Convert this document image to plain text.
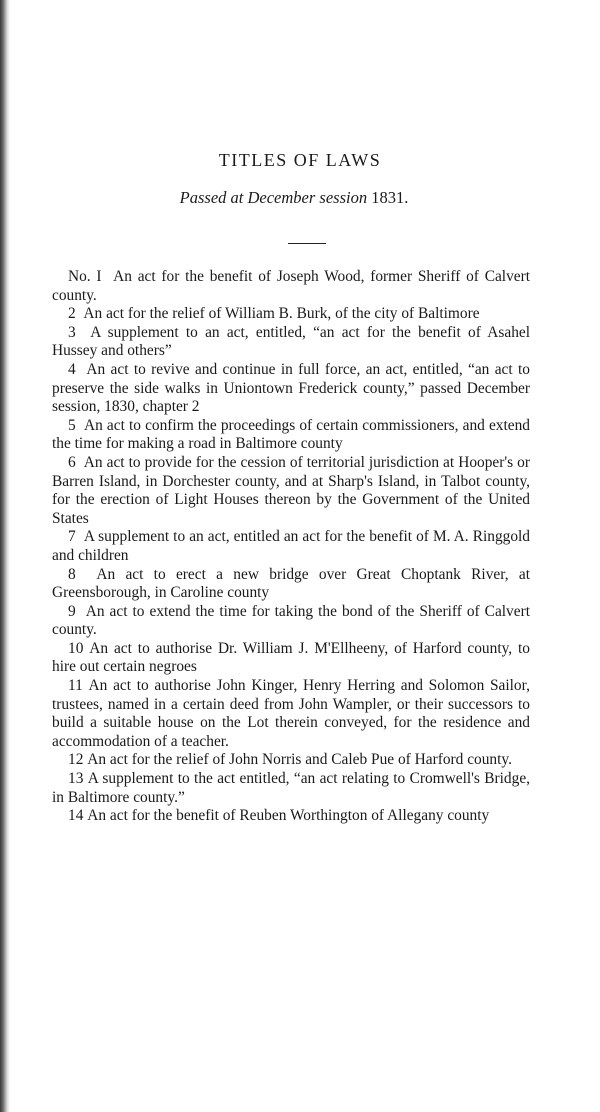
TITLES OF LAWS
Passed at December session 1831.

No. I An act for the benefit of Joseph Wood, former Sheriff of Calvert county.

2 An act for the relief of William B. Burk, of the city of Baltimore

3 A supplement to an act, entitled, “an act for the benefit of Asahel Hussey and others”

4 An act to revive and continue in full force, an act, entitled, “an act to preserve the side walks in Uniontown Frederick county,” passed December session, 1830, chapter 2

5 An act to confirm the proceedings of certain commissioners, and extend the time for making a road in Baltimore county

6 An act to provide for the cession of territorial jurisdiction at Hooper's or Barren Island, in Dorchester county, and at Sharp's Island, in Talbot county, for the erection of Light Houses thereon by the Government of the United States

7 A supplement to an act, entitled an act for the benefit of M. A. Ringgold and children

8 An act to erect a new bridge over Great Choptank River, at Greensborough, in Caroline county

9 An act to extend the time for taking the bond of the Sheriff of Calvert county.

10 An act to authorise Dr. William J. M'Ellheeny, of Harford county, to hire out certain negroes

11 An act to authorise John Kinger, Henry Herring and Solomon Sailor, trustees, named in a certain deed from John Wampler, or their successors to build a suitable house on the Lot therein conveyed, for the residence and accommodation of a teacher.

12 An act for the relief of John Norris and Caleb Pue of Harford county.

13 A supplement to the act entitled, “an act relating to Cromwell's Bridge, in Baltimore county.”

14 An act for the benefit of Reuben Worthington of Allegany county
